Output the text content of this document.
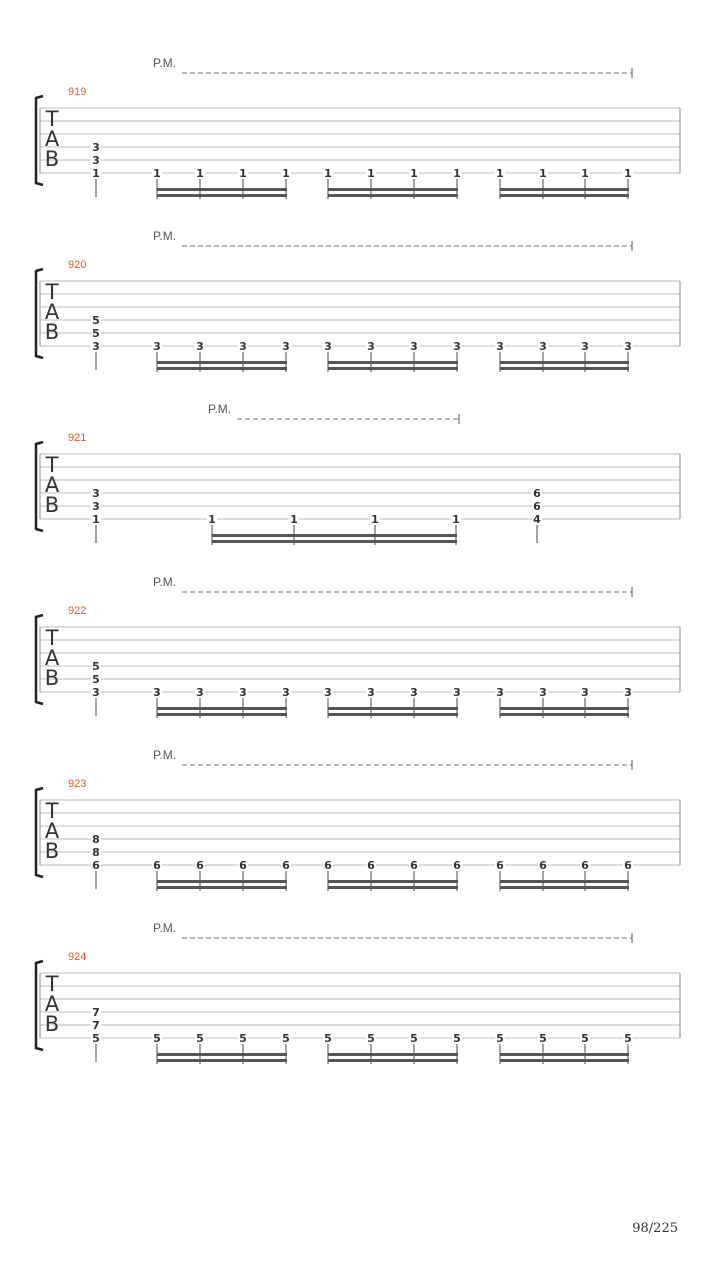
P.M.
919
T
A
B	3
3
1	1	1	1	1	1	1	1	1	1	1	1	1
P.M.
920
T
A
B	5
5
3	3	3	3	3	3	3	3	3	3	3	3	3
P.M.
921
T
A
B	3
3
1	1	1	1	1
6
6
4
P.M.
922
T
A
B	5
5
3	3	3	3	3	3	3	3	3	3	3	3	3
P.M.
923
T
A
B	8
8
6	6	6	6	6	6	6	6	6	6	6	6	6
P.M.
924
T
A
B	7
7
5	5	5	5	5	5	5	5	5	5	5	5	5
98/225
